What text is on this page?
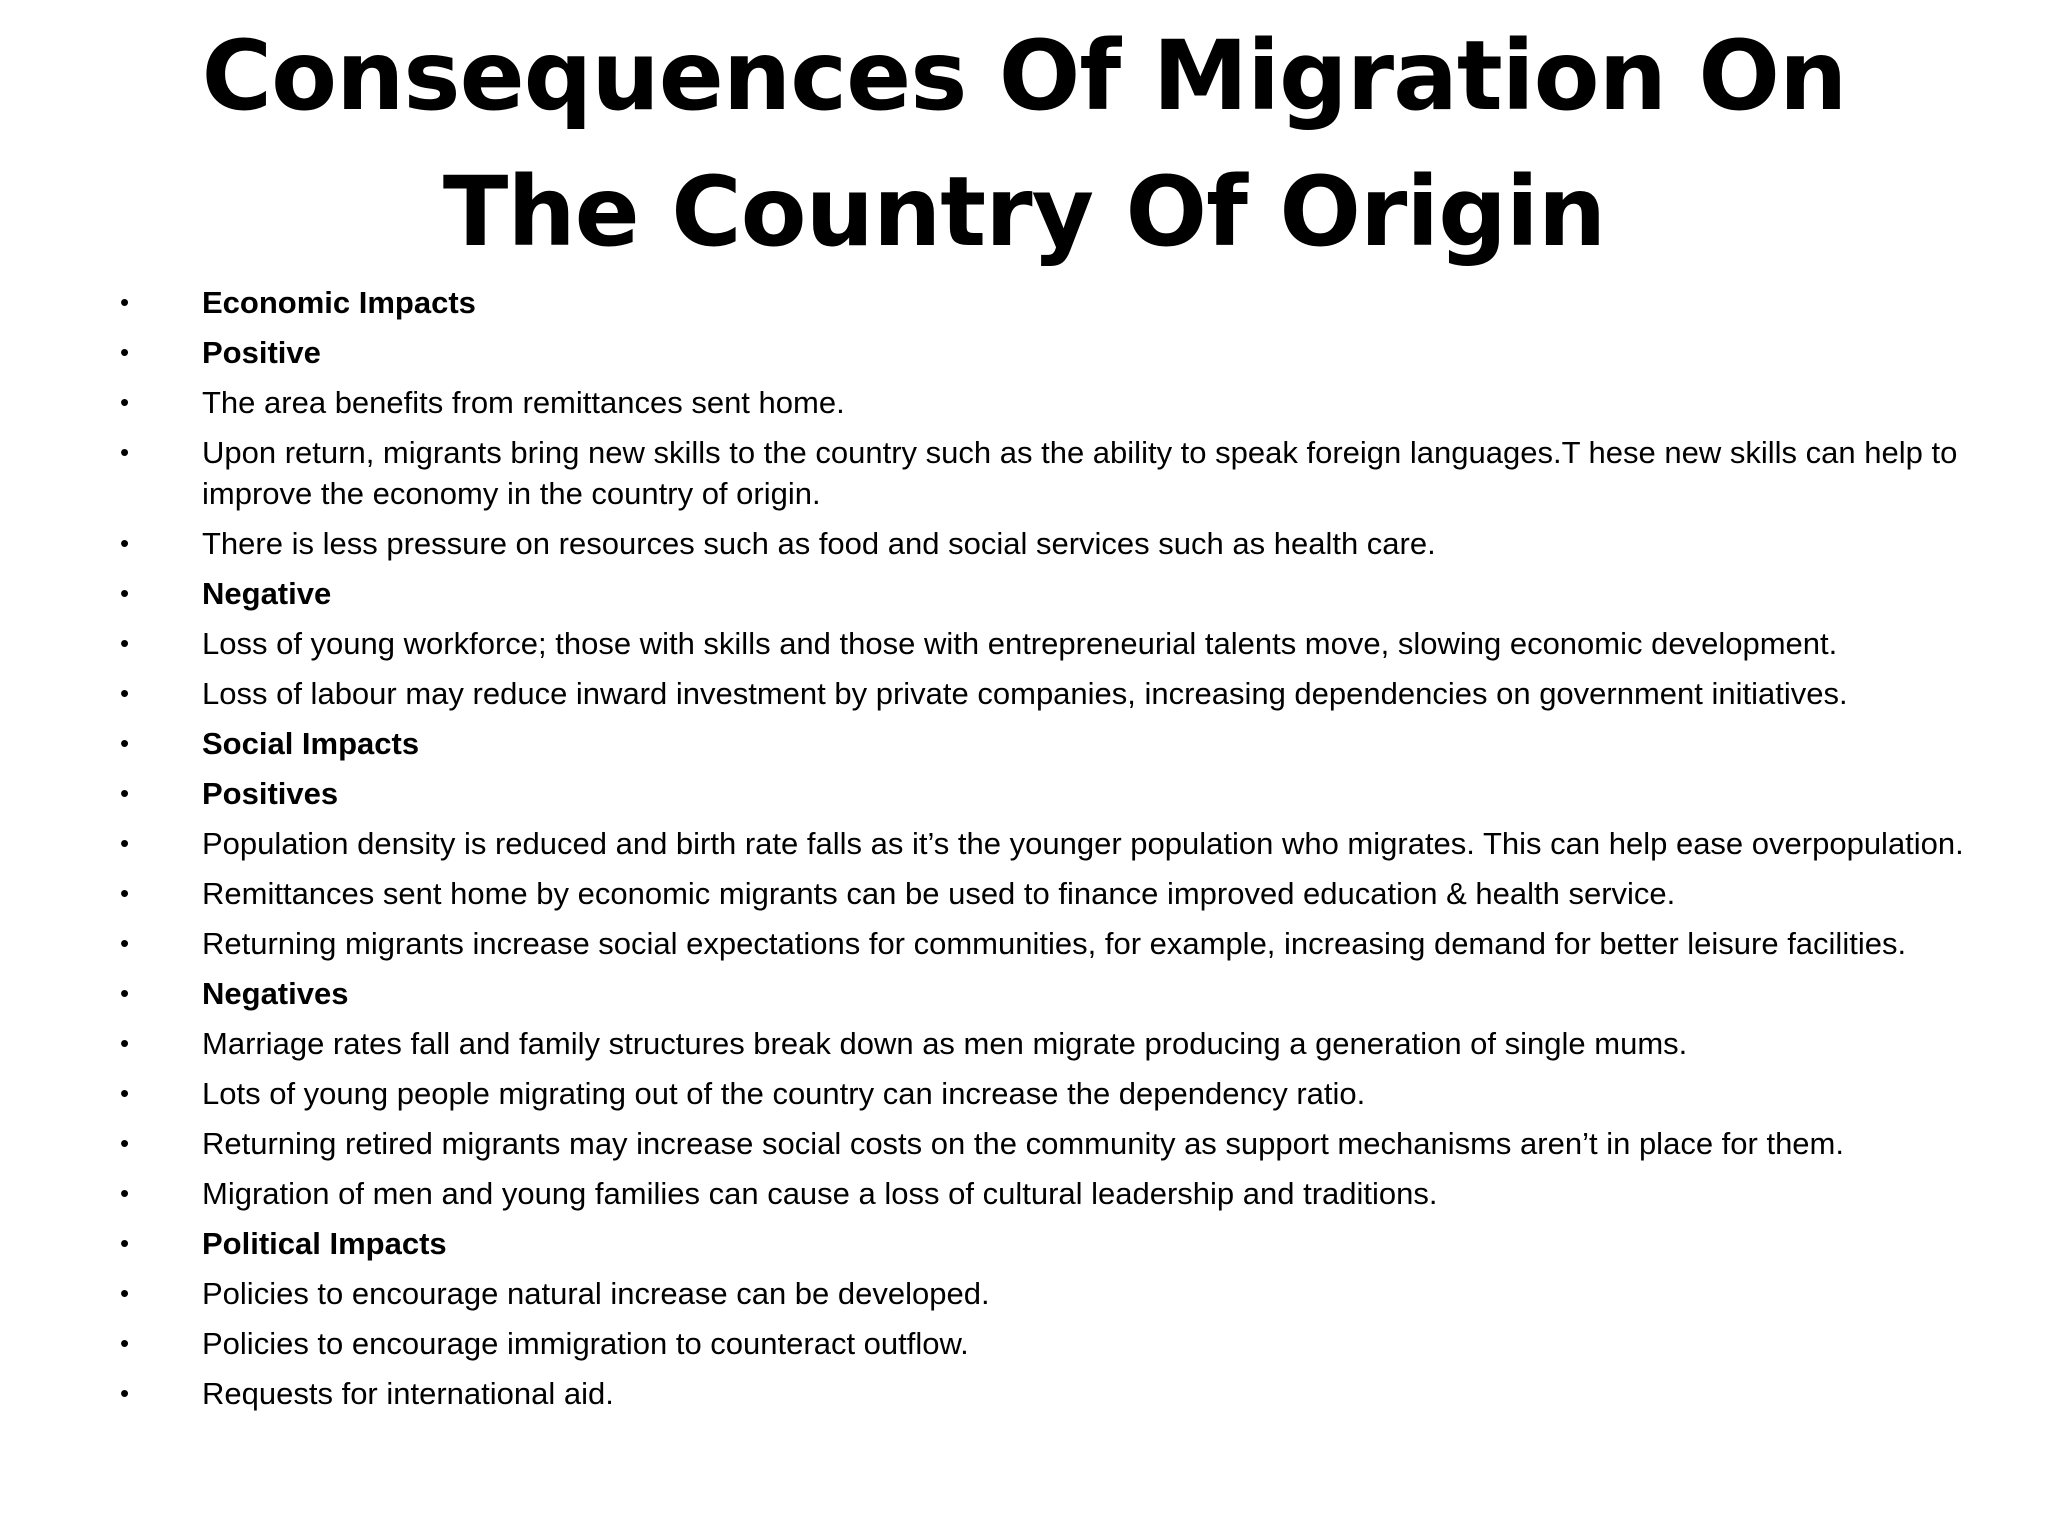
Consequences Of Migration On The Country Of Origin
• Economic Impacts
• Positive
• The area benefits from remittances sent home.
• Upon return, migrants bring new skills to the country such as the ability to speak foreign languages.T hese new skills can help to improve the economy in the country of origin.
• There is less pressure on resources such as food and social services such as health care.
• Negative
• Loss of young workforce; those with skills and those with entrepreneurial talents move, slowing economic development.
• Loss of labour may reduce inward investment by private companies, increasing dependencies on government initiatives.
• Social Impacts
• Positives
• Population density is reduced and birth rate falls as it’s the younger population who migrates. This can help ease overpopulation.
• Remittances sent home by economic migrants can be used to finance improved education & health service.
• Returning migrants increase social expectations for communities, for example, increasing demand for better leisure facilities.
• Negatives
• Marriage rates fall and family structures break down as men migrate producing a generation of single mums.
• Lots of young people migrating out of the country can increase the dependency ratio.
• Returning retired migrants may increase social costs on the community as support mechanisms aren’t in place for them.
• Migration of men and young families can cause a loss of cultural leadership and traditions.
• Political Impacts
• Policies to encourage natural increase can be developed.
• Policies to encourage immigration to counteract outflow.
• Requests for international aid.
